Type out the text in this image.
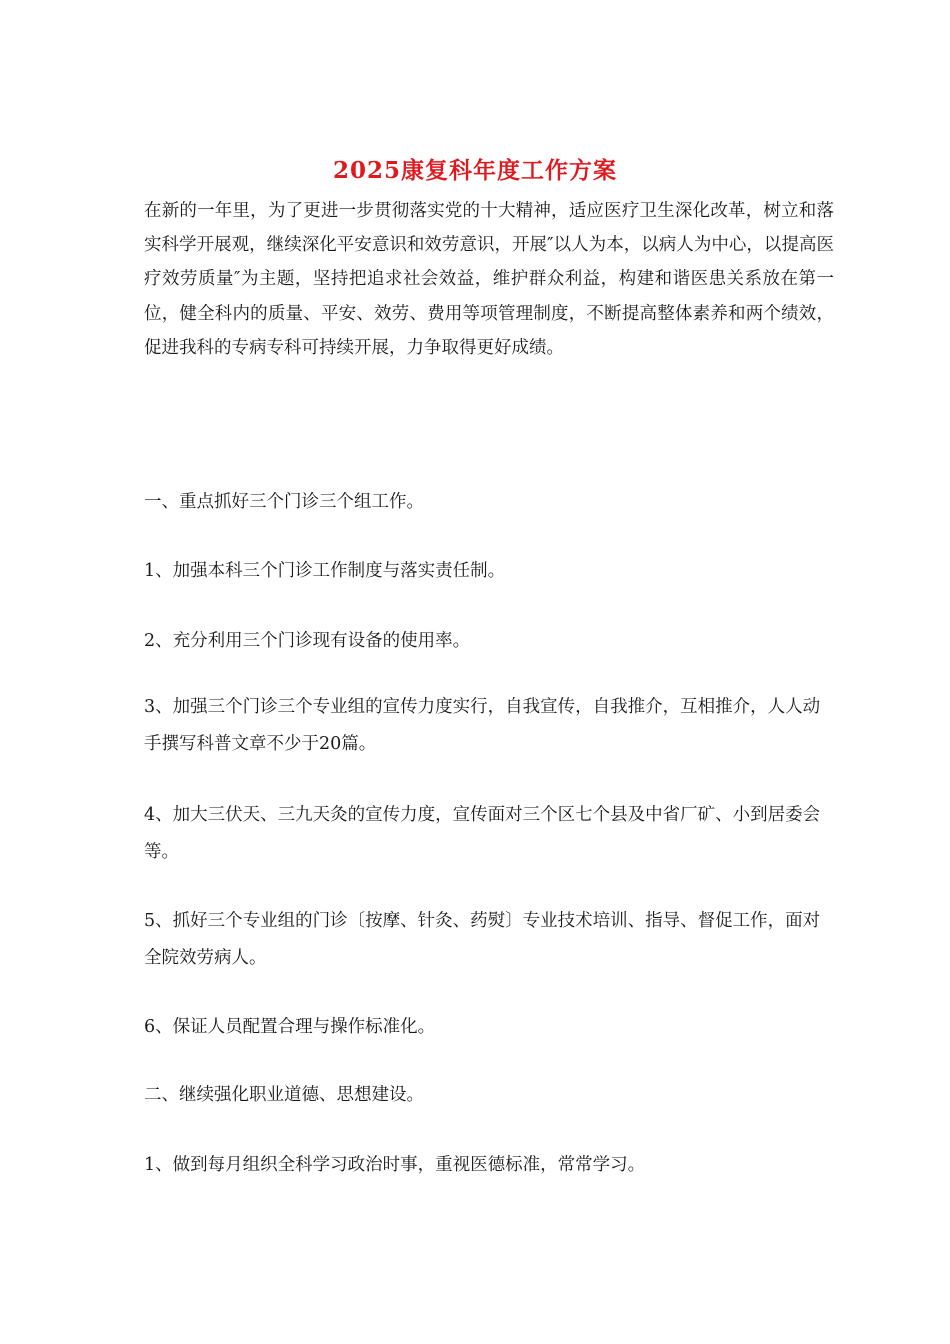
2025康复科年度工作方案

在新的一年里，为了更进一步贯彻落实党的十大精神，适应医疗卫生深化改革，树立和落实科学开展观，继续深化平安意识和效劳意识，开展″以人为本，以病人为中心，以提高医疗效劳质量″为主题，坚持把追求社会效益，维护群众利益，构建和谐医患关系放在第一位，健全科内的质量、平安、效劳、费用等项管理制度，不断提高整体素养和两个绩效，促进我科的专病专科可持续开展，力争取得更好成绩。

一、重点抓好三个门诊三个组工作。

1、加强本科三个门诊工作制度与落实责任制。

2、充分利用三个门诊现有设备的使用率。

3、加强三个门诊三个专业组的宣传力度实行，自我宣传，自我推介，互相推介，人人动手撰写科普文章不少于20篇。

4、加大三伏天、三九天灸的宣传力度，宣传面对三个区七个县及中省厂矿、小到居委会等。

5、抓好三个专业组的门诊〔按摩、针灸、药熨〕专业技术培训、指导、督促工作，面对全院效劳病人。

6、保证人员配置合理与操作标准化。

二、继续强化职业道德、思想建设。

1、做到每月组织全科学习政治时事，重视医德标准，常常学习。
